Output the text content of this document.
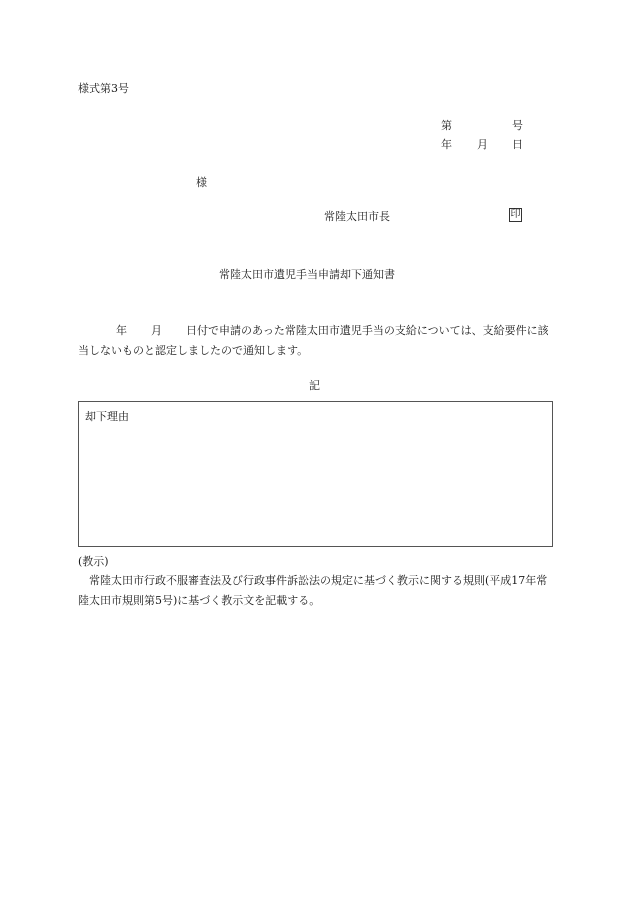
様式第3号
第	号
年 月 日
様
常陸太田市長	印
常陸太田市遺児手当申請却下通知書
年 月 日付で申請のあった常陸太田市遺児手当の支給については、支給要件に該当しないものと認定しましたので通知します。
記
却下理由
(教示)
常陸太田市行政不服審査法及び行政事件訴訟法の規定に基づく教示に関する規則(平成17年常陸太田市規則第5号)に基づく教示文を記載する。
